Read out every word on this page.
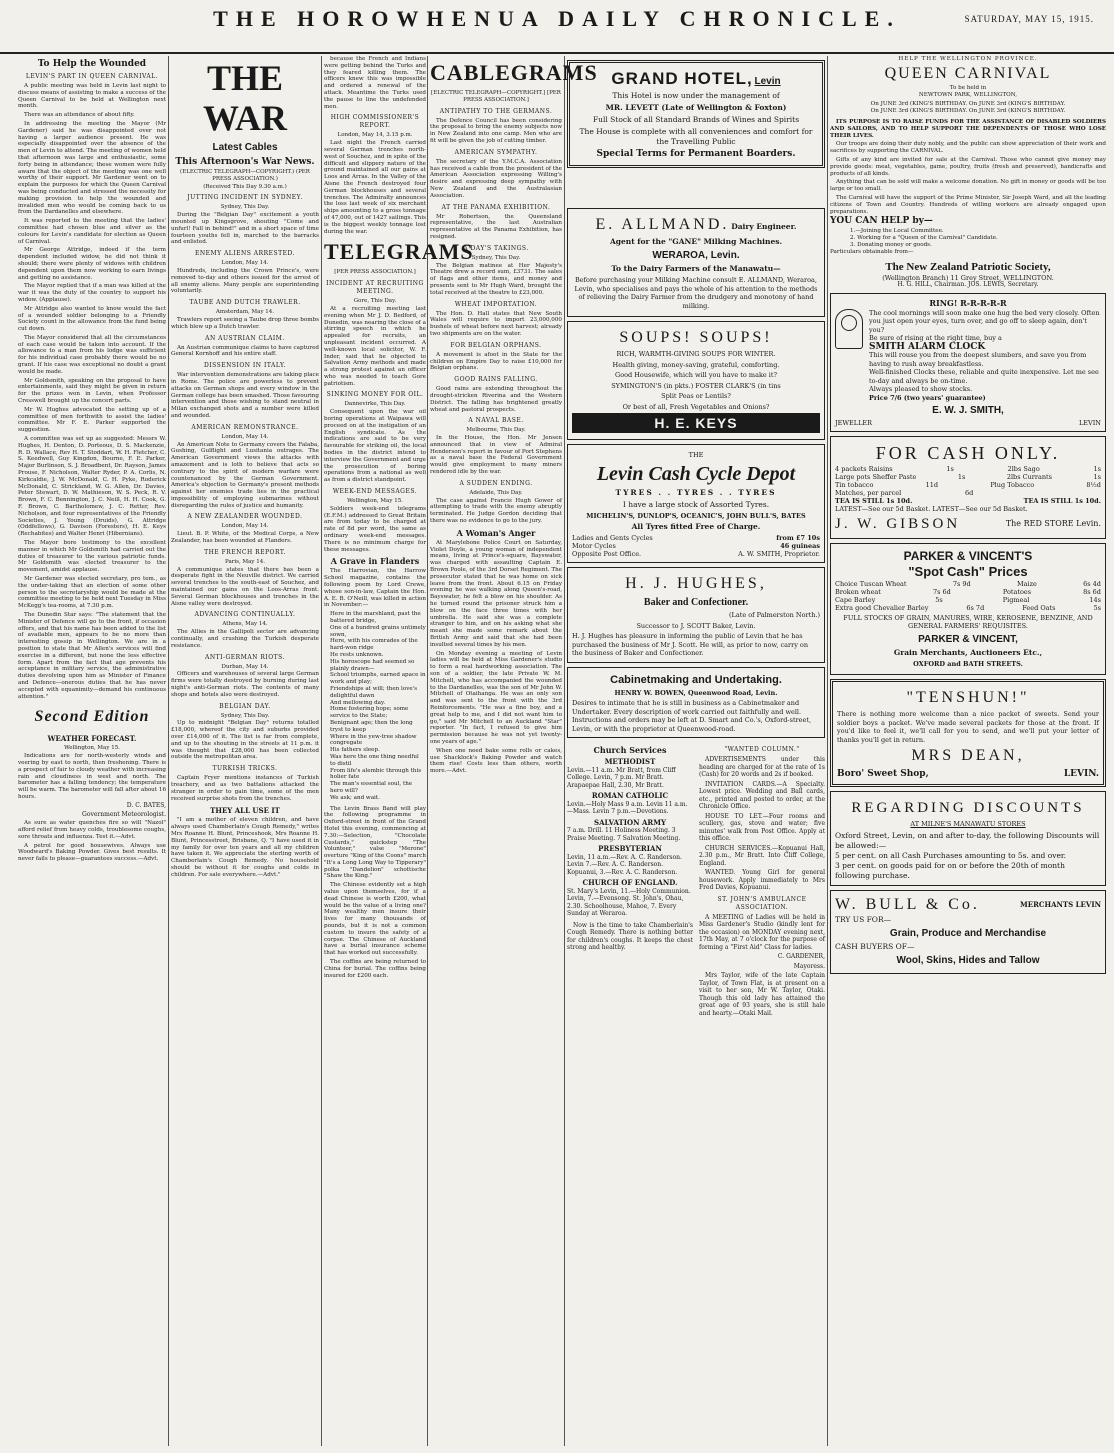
THE HOROWHENUA DAILY CHRONICLE.	SATURDAY, MAY 15, 1915.
To Help the Wounded
LEVIN'S PART IN QUEEN CARNIVAL.

A public meeting was held in Levin last night to discuss means of assisting to make a success of the Queen Carnival to be held at Wellington next month.

There was an attendance of about fifty.

In addressing the meeting the Mayor (Mr Gardener) said he was disappointed over not having a larger audience present. He was especially disappointed over the absence of the men of Levin to attend. The meeting of women held that afternoon was large and enthusiastic, some forty being in attendance; these women were fully aware that the object of the meeting was one well worthy of their support. Mr Gardener went on to explain the purposes for which the Queen Carnival was being conducted and stressed the necessity for making provision to help the wounded and invalided men who would be coming back to us from the Dardanelles and elsewhere.

It was reported to the meeting that the ladies' committee had chosen blue and silver as the colours for Levin's candidate for election as Queen of Carnival.

Mr George Attridge, indeed if the term dependent included widow, he did not think it should; there were plenty of widows with children dependent upon them now working to earn livings and getting no assistance.

The Mayor replied that if a man was killed at the war it was the duty of the country to support his widow. (Applause).

Mr Attridge also wanted to know would the fact of a wounded soldier belonging to a Friendly Society count in the allowance from the fund being cut down.

The Mayor considered that all the circumstances of each case would be taken into account. If the allowance to a man from his lodge was sufficient for his individual case probably there would be no grant. If his case was exceptional no doubt a grant would be made.

Mr Goldsmith, speaking on the proposal to have entertainments, said they might be given in return for the prizes won in Levin, when Professor Cresswell brought up the concert parts.

Mr W. Hughes advocated the setting up of a committee of men forthwith to assist the ladies' committee. Mr F. E. Parker supported the suggestion.

A committee was set up as suggested: Messrs W. Hughes, H. Denton, D. Porteous, D. S. Mackenzie, R. D. Wallace, Rev H. T. Stoddart, W. H. Fletcher, C. S. Keedwell, Guy Kingdon, Bourne, F. E. Parker, Major Burlinson, S. J. Broadbent, Dr. Rayson, James Prouse, F. Nicholson, Walter Ryder, P. A. Corlis, N. Kirkcaldie, J. W. McDonald, C. H. Pyke, Roderick McDonald, C. Strickland, W. G. Allen, Dr. Davies, Peter Stewart, D. W. Mathieson, W. S. Peck, R. V. Brown, F. C. Bennington, J. C. Neill, H. H. Cook, G. F. Brown, C. Bartholomew, J. C. Retter, Rev. Nicholson, and four representatives of the Friendly Societies, J. Young (Druids), G. Attridge (Oddfellows), G. Davison (Foresters), H. E. Keys (Rechabites) and Walter Henri (Hibernians).

The Mayor bore testimony to the excellent manner in which Mr Goldsmith had carried out the duties of treasurer to the various patriotic funds. Mr Goldsmith was elected treasurer to the movement, amidst applause.

Mr Gardener was elected secretary, pro tem., as the under-taking that an election of some other person to the secretaryship would be made at the committee meeting to be held next Tuesday in Miss McKegg's tea-rooms, at 7.30 p.m.

The Dunedin Star says: "The statement that the Minister of Defence will go to the front, if occasion offers, and that his name has been added to the list of available men, appears to be no more than interesting gossip in Wellington. We are in a position to state that Mr Allen's services will find exercise in a different, but none the less effective form. Apart from the fact that age prevents his acceptance in military service, the administrative duties devolving upon him as Minister of Finance and Defence—onerous duties that he has never accepted with equanimity—demand his continuous attention."

Second Edition
WEATHER FORECAST.
Wellington, May 15.

Indications are for north-westerly winds and veering by east to north, then freshening. There is a prospect of fair to cloudy weather with increasing rain and cloudiness in west and north. The barometer has a falling tendency; the temperature will be warm. The barometer will fall after about 16 hours.

D. C. BATES,
Government Meteorologist.

As sure as water quenches fire so will "Nazol" afford relief from heavy colds, troublesome coughs, sore throats and influenza. Test it.—Advt.

A petrol for good housewives. Always use Woodward's Baking Powder. Gives best results. It never fails to please—guarantees success.—Advt.

THE WAR
Latest Cables
This Afternoon's War News.
(ELECTRIC TELEGRAPH—COPYRIGHT.) (PER PRESS ASSOCIATION.)
(Received This Day 9.30 a.m.)
JUTTING INCIDENT IN SYDNEY.
Sydney, This Day.

During the "Belgian Day" excitement a youth mounted up Kingsgrove, shouting "Come and unfurl! Fall in behind!" and in a short space of time fourteen youths fell in, marched to the barracks and enlisted.

ENEMY ALIENS ARRESTED.
London, May 14.

Hundreds, including the Crown Prince's, were removed to-day and others issued for the arrest of all enemy aliens. Many people are superintending voluntarily.

TAUBE AND DUTCH TRAWLER.
Amsterdam, May 14.

Trawlers report seeing a Taube drop three bombs which blew up a Dutch trawler.

AN AUSTRIAN CLAIM.

An Austrian communique claims to have captured General Kornhoff and his entire staff.

DISSENSION IN ITALY.

War intervention demonstrations are taking place in Rome. The police are powerless to prevent attacks on German shops and every window in the German college has been smashed. Those favouring intervention and those wishing to stand neutral in Milan exchanged shots and a number were killed and wounded.

AMERICAN REMONSTRANCE.
London, May 14.

An American Note to Germany covers the Falaba, Gushing, Gulflight and Lusitania outrages. The American Government views the attacks with amazement and is loth to believe that acts so contrary to the spirit of modern warfare were countenanced by the German Government. America's objection to Germany's present methods against her enemies trade lies in the practical impossibility of employing submarines without disregarding the rules of justice and humanity.

A NEW ZEALANDER WOUNDED.
London, May 14.

Lieut. B. P. White, of the Medical Corps, a New Zealander, has been wounded at Flanders.

THE FRENCH REPORT.
Paris, May 14.

A communique states that there has been a desperate fight in the Neuville district. We carried several trenches to the south-east of Souchez, and maintained our gains on the Loos-Arras front. Several German blockhouses and trenches in the Aisne valley were destroyed.

ADVANCING CONTINUALLY.
Athens, May 14.

The Allies in the Gallipoli sector are advancing continually, and crushing the Turkish desperate resistance.

ANTI-GERMAN RIOTS.
Durban, May 14.

Officers and warehouses of several large German firms were totally destroyed by burning during last night's anti-German riots. The contents of many shops and hotels also were destroyed.

BELGIAN DAY.
Sydney, This Day.

Up to midnight "Belgian Day" returns totalled £18,000, whereof the city and suburbs provided over £14,000 of it. The list is far from complete, and up to the shouting in the streets at 11 p.m. it was thought that £28,000 has been collected outside the metropolitan area.

TURKISH TRICKS.

Captain Fryer mentions instances of Turkish treachery, and as two battalions attacked the stranger in order to gain time, some of the men received surprise shots from the trenches.

THEY ALL USE IT

"I am a mother of eleven children, and have always used Chamberlain's Cough Remedy," writes Mrs Roanne H. Blunt, Princeshook, Mrs Roanne H. Blunt, Princesstreet, Brisbane, Q. "I have used it in my family for over ten years and all my children have taken it. We appreciate the sterling worth of Chamberlain's Cough Remedy. No household should be without it for coughs and colds in children. For sale everywhere.—Advt."

because the French and Indians were getting behind the Turks and they feared killing them. The officers knew this was impossible and ordered a renewal of the attack. Meantime the Turks used the pause to line the undefended men.

HIGH COMMISSIONER'S REPORT.
London, May 14, 3.15 p.m.

Last night the French carried several German trenches north-west of Souchez, and in spite of the difficult and slippery nature of the ground maintained all our gains at Loos and Arras. In the Valley of the Aisne the French destroyed four German blockhouses and several trenches. The Admiralty announces the loss last week of six merchant ships amounting to a gross tonnage of 47,000, out of 1427 sailings. This is the biggest weekly tonnage lost during the war.

TELEGRAMS
[PER PRESS ASSOCIATION.]
INCIDENT AT RECRUITING MEETING.
Gore, This Day.

At a recruiting meeting last evening when Mr J. D. Bedford, of Dunedin, was nearing the close of a stirring speech in which he appealed for recruits, an unpleasant incident occurred. A well-known local solicitor, W. F. Inder, said that he objected to Salvation Army methods and made a strong protest against an officer who was needed to teach Gore patriotism.

SINKING MONEY FOR OIL.
Dannevirke, This Day.

Consequent upon the war oil boring operations at Waipawa will proceed on at the instigation of an English syndicate. As the indications are said to be very favourable for striking oil, the local bodies in the district intend to interview the Government and urge the prosecution of boring operations from a national as well as from a district standpoint.

WEEK-END MESSAGES.
Wellington, May 15.

Soldiers week-end telegrams (E.F.M.) addressed to Great Britain are from today to be charged at rate of 8d per word, the same as ordinary week-end messages. There is no minimum charge for these messages.

A Grave in Flanders

The Harrovian, the Harrow School magazine, contains the following poem by Lord Crewe, whose son-in-law, Captain the Hon. A. E. B. O'Neill, was killed in action in November:—

Here in the marshland, past the battered bridge,
One of a hundred grains untimely sown,
Here, with his comrades of the hard-won ridge
He rests unknown.
His horoscope had seemed so plainly drawn—
School triumphs, earned apace in work and play;
Friendships at will; then love's delightful dawn
And mellowing day.
Home fostering hope; some service to the State;
Benignant age; then the long tryst to keep
Where in the yew-tree shadow congregate
His fathers sleep.
Was here the one thing needful to distil
From life's alembic through this holier fate
The man's essential soul, the hero will?
We ask; and wait.

The Levin Brass Band will play the following programme in Oxford-street in front of the Grand Hotel this evening, commencing at 7.30:—Selection, "Chocolate Custards," quickstep "The Volunteer," valse "Merone" overture "King of the Coons" march "It's a Long Long Way to Tipperary" polka "Dandelion" schottische "Shaw the King."

The Chinese evidently set a high value upon themselves, for if a dead Chinese is worth £200, what would be the value of a living one? Many wealthy men insure their lives for many thousands of pounds, but it is not a common custom to insure the safety of a corpse. The Chinese of Auckland have a burial insurance scheme that has worked out successfully.

The coffins are being returned to China for burial. The coffins being insured for £200 each.

CABLEGRAMS
[ELECTRIC TELEGRAPH—COPYRIGHT.] [PER PRESS ASSOCIATION.]
ANTIPATHY TO THE GERMANS.

The Defence Council has been considering the proposal to bring the enemy subjects now in New Zealand into one camp. Men who are fit will be given the job of cutting timber.

AMERICAN SYMPATHY.

The secretary of the Y.M.C.A. Association has received a cable from the president of the American Association expressing Willing's desire and expressing deep sympathy with New Zealand and the Australasian Association.

AT THE PANAMA EXHIBITION.

Mr Robertson, the Queensland representative, the last Australian representative at the Panama Exhibition, has resigned.

A DAY'S TAKINGS.
Sydney, This Day.

The Belgian matinee at Her Majesty's Theatre drew a record sum, £3731. The sales of flags and other items, and money and presents sent to Mr Hugh Ward, brought the total received at the theatre to £23,000.

WHEAT IMPORTATION.

The Hon. D. Hall states that New South Wales will require to import 23,000,000 bushels of wheat before next harvest; already two shipments are on the water.

FOR BELGIAN ORPHANS.

A movement is afoot in the State for the children on Empire Day to raise £10,000 for Belgian orphans.

GOOD RAINS FALLING.

Good rains are extending throughout the drought-stricken Riverina and the Western District. The falling has brightened greatly wheat and pastoral prospects.

A NAVAL BASE.
Melbourne, This Day.

In the House, the Hon. Mr Jensen announced that in view of Admiral Henderson's report in favour of Port Stephens as a naval base the Federal Government would give employment to many miners rendered idle by the war.

A SUDDEN ENDING.
Adelaide, This Day.

The case against Francis Hugh Gower of attempting to trade with the enemy abruptly terminated. He Judge Gordon deciding that there was no evidence to go to the jury.

A Woman's Anger

At Marylebone Police Court on Saturday, Violet Doyle, a young woman of independent means, living at Prince's-square, Bayswater, was charged with assaulting Captain E. Brown Poole, of the 3rd Dorset Regiment. The prosecutor stated that he was home on sick leave from the front. About 6.15 on Friday evening he was walking along Queen's-road, Bayswater, he felt a blow on his shoulder. As he turned round the prisoner struck him a blow on the face three times with her umbrella. He said she was a complete stranger to him, and on his asking what she meant she made some remark about the British Army and said that she had been insulted several times by his men.

On Monday evening a meeting of Levin ladies will be held at Miss Gardener's studio to form a real hardworking association. The son of a soldier, the late Private W. M. Mitchell, who has accompanied the wounded to the Dardanelles, was the son of Mr John W. Mitchell of Otaihanga. He was an only son and was sent to the front with the 3rd Reinforcements. "He was a fine boy, and a great help to me, and I did not want him to go," said Mr Mitchell to an Auckland "Star" reporter. "In fact, I refused to give him permission because he was not yet twenty-one years of age."

When one need bake some rolls or cakes, use Shacklock's Baking Powder and watch them rise! Costs less than others, worth more.—Advt.

GRAND HOTEL, Levin
This Hotel is now under the management of
MR. LEVETT (Late of Wellington & Foxton)
Full Stock of all Standard Brands of Wines and Spirits
The House is complete with all conveniences and comfort for the Travelling Public
Special Terms for Permanent Boarders.
E. ALLMAND. Dairy Engineer.
Agent for the "GANE" Milking Machines.
WERAROA, Levin.
To the Dairy Farmers of the Manawatu—
Before purchasing your Milking Machine consult E. ALLMAND, Weraroa, Levin, who specialises and pays the whole of his attention to the methods of relieving the Dairy Farmer from the drudgery and monotony of hand milking.
SOUPS! SOUPS!
RICH, WARMTH-GIVING SOUPS FOR WINTER.
Health giving, money-saving, grateful, comforting.
Good Housewife, which will you have to make it?
SYMINGTON'S (in pkts.) FOSTER CLARK'S (in tins
Split Peas or Lentils?
Or best of all, Fresh Vegetables and Onions?
H. E. KEYS
THE
Levin Cash Cycle Depot
TYRES . . TYRES . . TYRES
I have a large stock of Assorted Tyres.
MICHELIN'S, DUNLOP'S, OCEANIC'S, JOHN BULL'S, BATES
All Tyres fitted Free of Charge.
Ladies and Gents Cycles	from £7 10s
Motor Cycles	46 guineas
Opposite Post Office.	A. W. SMITH, Proprietor.
H. J. HUGHES,
Baker and Confectioner.
(Late of Palmerston North.)
Successor to J. SCOTT Baker, Levin.
H. J. Hughes has pleasure in informing the public of Levin that he has purchased the business of Mr J. Scott. He will, as prior to now, carry on the business of Baker and Confectioner.
Cabinetmaking and Undertaking.
HENRY W. BOWEN, Queenwood Road, Levin.
Desires to intimate that he is still in business as a Cabinetmaker and Undertaker. Every description of work carried out faithfully and well. Instructions and orders may be left at D. Smart and Co.'s, Oxford-street, Levin, or with the proprietor at Queenwood-road.
Church Services
METHODIST
Levin.—11 a.m. Mr Bratt, from Cliff College. Levin, 7 p.m. Mr Bratt. Arapaepae Hall, 2.30, Mr Bratt.
ROMAN CATHOLIC
Levin.—Holy Mass 9 a.m. Levin 11 a.m.—Mass. Levin 7 p.m.—Devotions.
SALVATION ARMY
7 a.m. Drill. 11 Holiness Meeting. 3 Praise Meeting. 7 Salvation Meeting.
PRESBYTERIAN
Levin, 11 a.m.—Rev. A. C. Randerson. Levin 7.—Rev. A. C. Randerson. Kopuanui, 3.—Rev. A. C. Randerson.
CHURCH OF ENGLAND.
St. Mary's Levin, 11.—Holy Communion. Levin, 7.—Evensong. St. John's, Ohau, 2.30. Schoolhouse, Mahoe, 7. Every Sunday at Weraroa.

Now is the time to take Chamberlain's Cough Remedy. There is nothing better for children's coughs. It keeps the chest strong and healthy.

"WANTED COLUMN."

ADVERTISEMENTS under this heading are charged for at the rate of 1s (Cash) for 20 words and 2s if booked.

INVITATION CARDS.—A Specialty. Lowest price. Wedding and Ball cards, etc., printed and posted to order, at the Chronicle Office.

HOUSE TO LET.—Four rooms and scullery, gas, stove and water; five minutes' walk from Post Office. Apply at this office.

CHURCH SERVICES.—Kopuanui Hall, 2.30 p.m., Mr Bratt. Into Cliff College, England.

WANTED. Young Girl for general housework. Apply immediately to Mrs Fred Davies, Kopuanui.

ST. JOHN'S AMBULANCE ASSOCIATION.

A MEETING of Ladies will be held in Miss Gardener's Studio (kindly lent for the occasion) on MONDAY evening next, 17th May, at 7 o'clock for the purpose of forming a "First Aid" Class for ladies.

C. GARDENER,
Mayoress.

Mrs Taylor, wife of the late Captain Taylor, of Town Flat, is at present on a visit to her son, Mr W. Taylor, Otaki. Though this old lady has attained the great age of 93 years, she is still hale and hearty.—Otaki Mail.

HELP THE WELLINGTON PROVINCE.
QUEEN CARNIVAL
To be held in
NEWTOWN PARK, WELLINGTON,
On JUNE 3rd (KING'S BIRTHDAY. On JUNE 3rd (KING'S BIRTHDAY.
On JUNE 3rd (KING'S BIRTHDAY. On JUNE 3rd (KING'S BIRTHDAY.

ITS PURPOSE IS TO RAISE FUNDS FOR THE ASSISTANCE OF DISABLED SOLDIERS AND SAILORS, AND TO HELP SUPPORT THE DEPENDENTS OF THOSE WHO LOSE THEIR LIVES.

Our troops are doing their duty nobly, and the public can show appreciation of their work and sacrifices by supporting the CARNIVAL.

Gifts of any kind are invited for sale at the Carnival. Those who cannot give money may provide goods: meat, vegetables, game, poultry, fruits (fresh and preserved), handicrafts and products of all kinds.

Anything that can be sold will make a welcome donation. No gift in money or goods will be too large or too small.

The Carnival will have the support of the Prime Minister, Sir Joseph Ward, and all the leading citizens of Town and Country. Hundreds of willing workers are already engaged upon preparations.

YOU CAN HELP by—
1.—Joining the Local Committee.
2. Working for a "Queen of the Carnival" Candidate.
3. Donating money or goods.
Particulars obtainable from—
The New Zealand Patriotic Society,
(Wellington Branch) 11 Grey Street, WELLINGTON.
H. G. HILL, Chairman. JOS. LEWIS, Secretary.
RING! R-R-R-R-R
The cool mornings will soon make one hug the bed very closely. Often you just open your eyes, turn over, and go off to sleep again, don't you?
Be sure of rising at the right time, buy a
SMITH ALARM CLOCK
This will rouse you from the deepest slumbers, and save you from having to rush away breakfastless.
Well-finished Clocks these, reliable and quite inexpensive. Let me see to-day and always be on-time.
Always pleased to show stocks.
Price 7/6 (two years' guarantee)
E. W. J. SMITH,
JEWELLER	LEVIN
FOR CASH ONLY.
4 packets Raisins	1s	2lbs Sago	1s
Large pots Sheffer Paste	1s	2lbs Currants	1s
Tin tobacco	11d	Plug Tobacco	8½d
Matches, per parcel	6d
TEA IS STILL 1s 10d.	TEA IS STILL 1s 10d.
LATEST—See our 5d Basket. LATEST—See our 5d Basket.
J. W. GIBSON	The RED STORE Levin.
PARKER & VINCENT'S
"Spot Cash" Prices
Choice Tuscan Wheat	7s 9d	Maize	6s 4d
Broken wheat	7s 6d	Potatoes	8s 6d
Cape Barley	5s	Pigmeal	14s
Extra good Chevalier Barley	6s 7d	Feed Oats	5s
FULL STOCKS OF GRAIN, MANURES, WIRE, KEROSENE, BENZINE, AND GENERAL FARMERS' REQUISITES.
PARKER & VINCENT,
Grain Merchants, Auctioneers Etc.,
OXFORD and BATH STREETS.
"TENSHUN!"
There is nothing more welcome than a nice packet of sweets. Send your soldier boys a packet. We've made several packets for those at the front. If you'd like to feel it, we'll call for you to send, and we'll put your letter of thanks you'll get in return.
MRS DEAN,
Boro' Sweet Shop,	LEVIN.
REGARDING DISCOUNTS
AT MILNE'S MANAWATU STORES
Oxford Street, Levin, on and after to-day, the following Discounts will be allowed:—
5 per cent. on all Cash Purchases amounting to 5s. and over.
3 per cent. on goods paid for on or before the 20th of month following purchase.
W. BULL & Co.	MERCHANTS LEVIN
TRY US FOR—
Grain, Produce and Merchandise
CASH BUYERS OF—
Wool, Skins, Hides and Tallow
